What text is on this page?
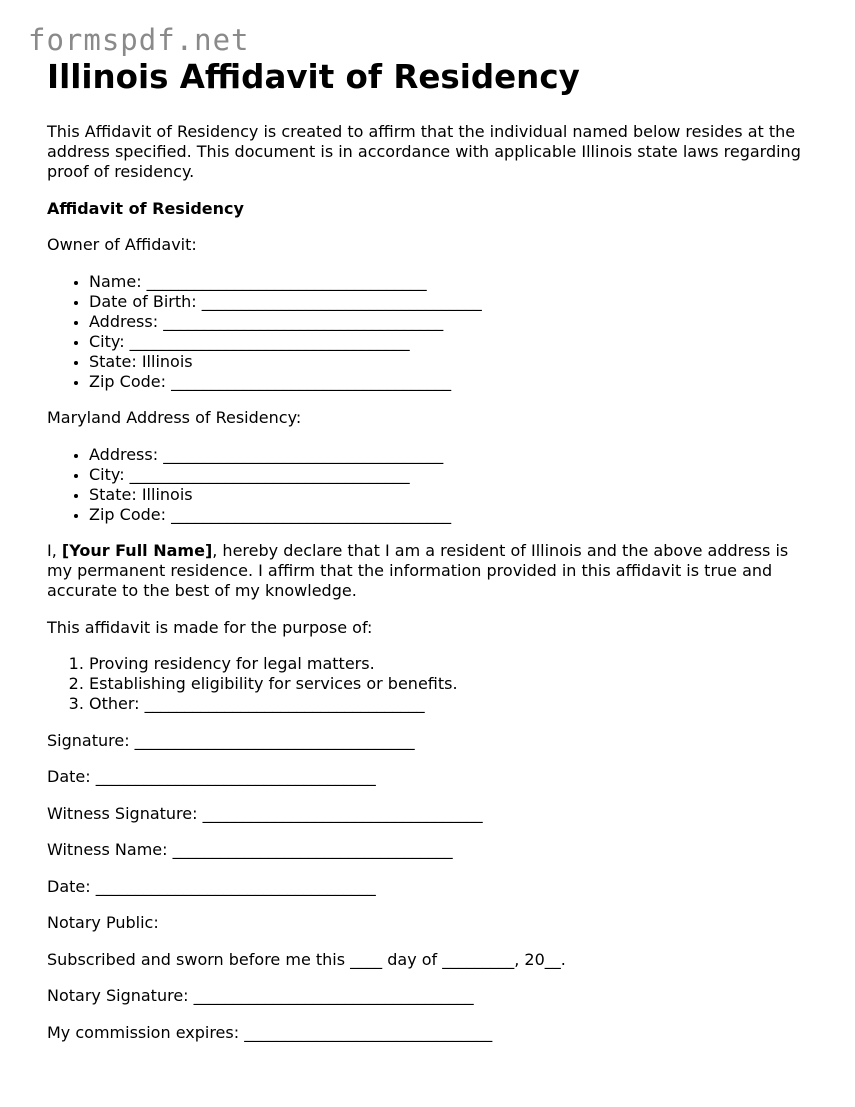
formspdf.net
Illinois Affidavit of Residency

This Affidavit of Residency is created to affirm that the individual named below resides at the address specified. This document is in accordance with applicable Illinois state laws regarding proof of residency.

Affidavit of Residency

Owner of Affidavit:

• Name: ___________________________________
• Date of Birth: ___________________________________
• Address: ___________________________________
• City: ___________________________________
• State: Illinois
• Zip Code: ___________________________________

Maryland Address of Residency:

• Address: ___________________________________
• City: ___________________________________
• State: Illinois
• Zip Code: ___________________________________

I, [Your Full Name], hereby declare that I am a resident of Illinois and the above address is my permanent residence. I affirm that the information provided in this affidavit is true and accurate to the best of my knowledge.

This affidavit is made for the purpose of:

1. Proving residency for legal matters.
2. Establishing eligibility for services or benefits.
3. Other: ___________________________________

Signature: ___________________________________

Date: ___________________________________

Witness Signature: ___________________________________

Witness Name: ___________________________________

Date: ___________________________________

Notary Public:

Subscribed and sworn before me this ____ day of _________, 20__.

Notary Signature: ___________________________________

My commission expires: _______________________________
